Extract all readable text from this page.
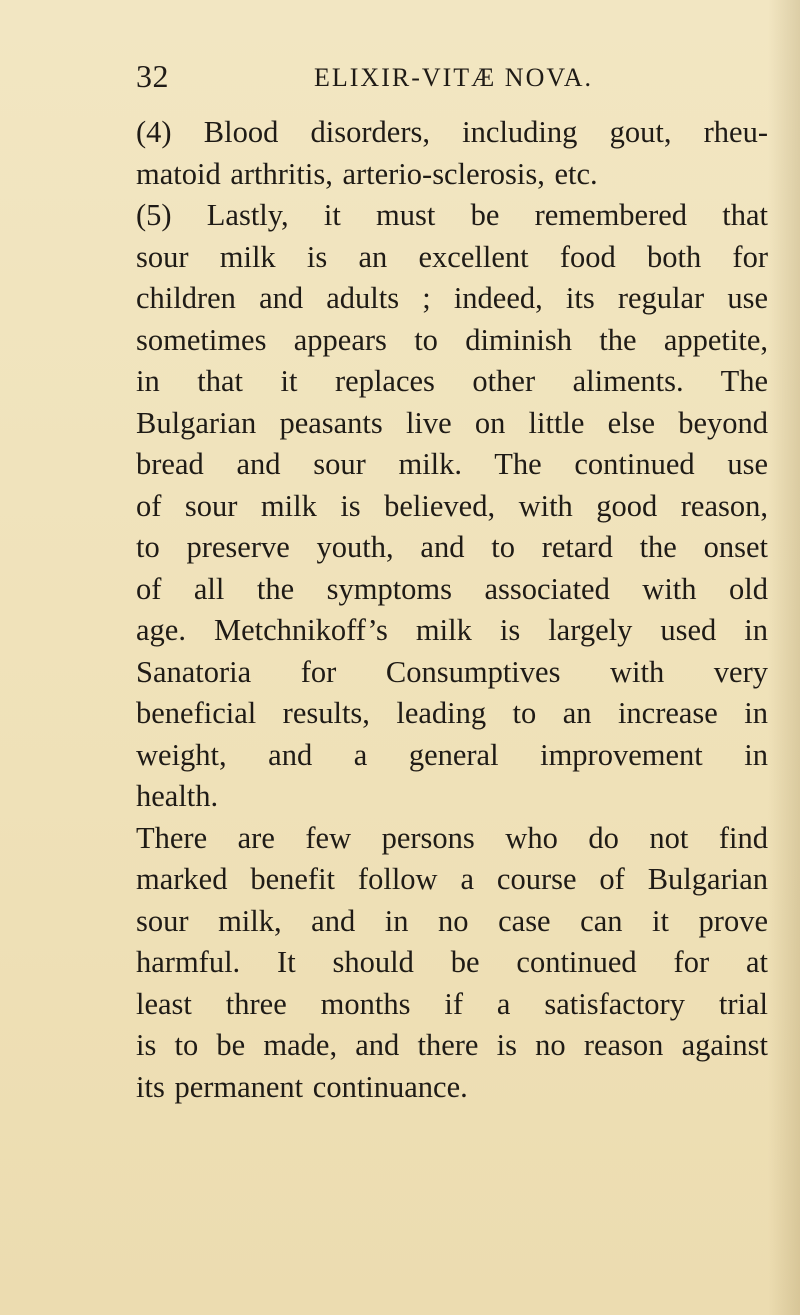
32	ELIXIR-VITÆ NOVA.
(4) Blood disorders, including gout, rheu-
matoid arthritis, arterio-sclerosis, etc.
(5) Lastly, it must be remembered that
sour milk is an excellent food both for
children and adults ; indeed, its regular use
sometimes appears to diminish the appetite,
in that it replaces other aliments. The
Bulgarian peasants live on little else beyond
bread and sour milk. The continued use
of sour milk is believed, with good reason,
to preserve youth, and to retard the onset
of all the symptoms associated with old
age. Metchnikoff’s milk is largely used in
Sanatoria for Consumptives with very
beneficial results, leading to an increase in
weight, and a general improvement in
health.
There are few persons who do not find
marked benefit follow a course of Bulgarian
sour milk, and in no case can it prove
harmful. It should be continued for at
least three months if a satisfactory trial
is to be made, and there is no reason against
its permanent continuance.
